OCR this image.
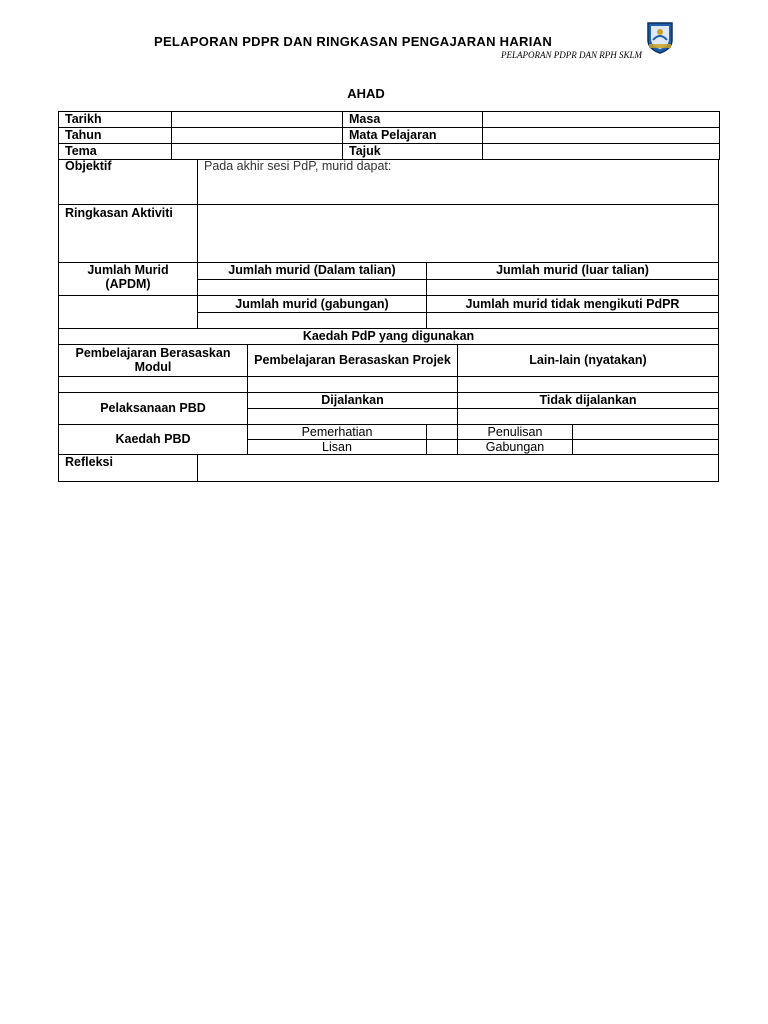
PELAPORAN PDPR DAN RINGKASAN PENGAJARAN HARIAN
PELAPORAN PDPR DAN RPH SKLM
AHAD
Tarikh		Masa	
Tahun		Mata Pelajaran	
Tema		Tajuk	
Objektif	Pada akhir sesi PdP, murid dapat:				
Ringkasan Aktiviti					
Jumlah Murid (APDM)	Jumlah murid (Dalam talian)		Jumlah murid (luar talian)		

	Jumlah murid (gabungan)		Jumlah murid tidak mengikuti PdPR		

Kaedah PdP yang digunakan					
Pembelajaran Berasaskan Modul		Pembelajaran Berasaskan Projek		Lain-lain (nyatakan)	

Pelaksanaan PBD		Dijalankan		Tidak dijalankan	

Kaedah PBD		Pemerhatian		Penulisan	
		Lisan		Gabungan	
Refleksi					
